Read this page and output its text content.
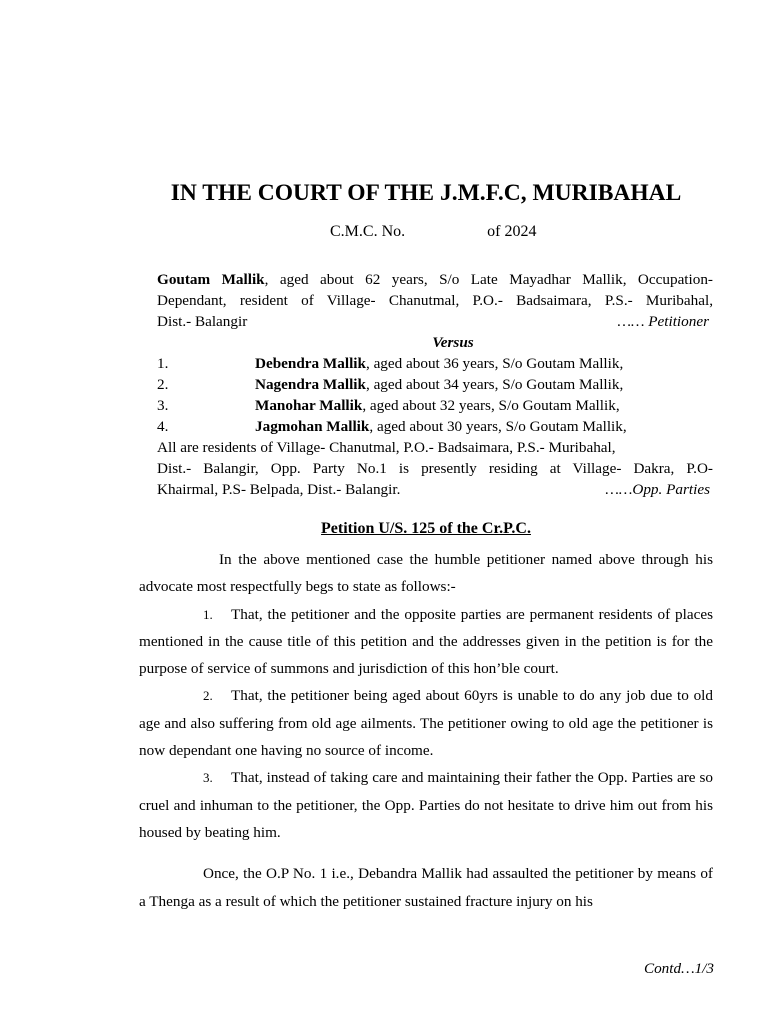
IN THE COURT OF THE J.M.F.C, MURIBAHAL
C.M.C. No.	of 2024
Goutam Mallik, aged about 62 years, S/o Late Mayadhar Mallik, Occupation-
Dependant, resident of Village- Chanutmal, P.O.- Badsaimara, P.S.- Muribahal,
Dist.- Balangir	…… Petitioner
Versus
1.	Debendra Mallik, aged about 36 years, S/o Goutam Mallik,
2.	Nagendra Mallik, aged about 34 years, S/o Goutam Mallik,
3.	Manohar Mallik, aged about 32 years, S/o Goutam Mallik,
4.	Jagmohan Mallik, aged about 30 years, S/o Goutam Mallik,
All are residents of Village- Chanutmal, P.O.- Badsaimara, P.S.- Muribahal,
Dist.- Balangir, Opp. Party No.1 is presently residing at Village- Dakra, P.O-
Khairmal, P.S- Belpada, Dist.- Balangir.	……Opp. Parties
Petition U/S. 125 of the Cr.P.C.

In the above mentioned case the humble petitioner named above through his advocate most respectfully begs to state as follows:-

1. That, the petitioner and the opposite parties are permanent residents of places mentioned in the cause title of this petition and the addresses given in the petition is for the purpose of service of summons and jurisdiction of this hon’ble court.

2. That, the petitioner being aged about 60yrs is unable to do any job due to old age and also suffering from old age ailments. The petitioner owing to old age the petitioner is now dependant one having no source of income.

3. That, instead of taking care and maintaining their father the Opp. Parties are so cruel and inhuman to the petitioner, the Opp. Parties do not hesitate to drive him out from his housed by beating him.

Once, the O.P No. 1 i.e., Debandra Mallik had assaulted the petitioner by means of a Thenga as a result of which the petitioner sustained fracture injury on his

Contd…1/3
